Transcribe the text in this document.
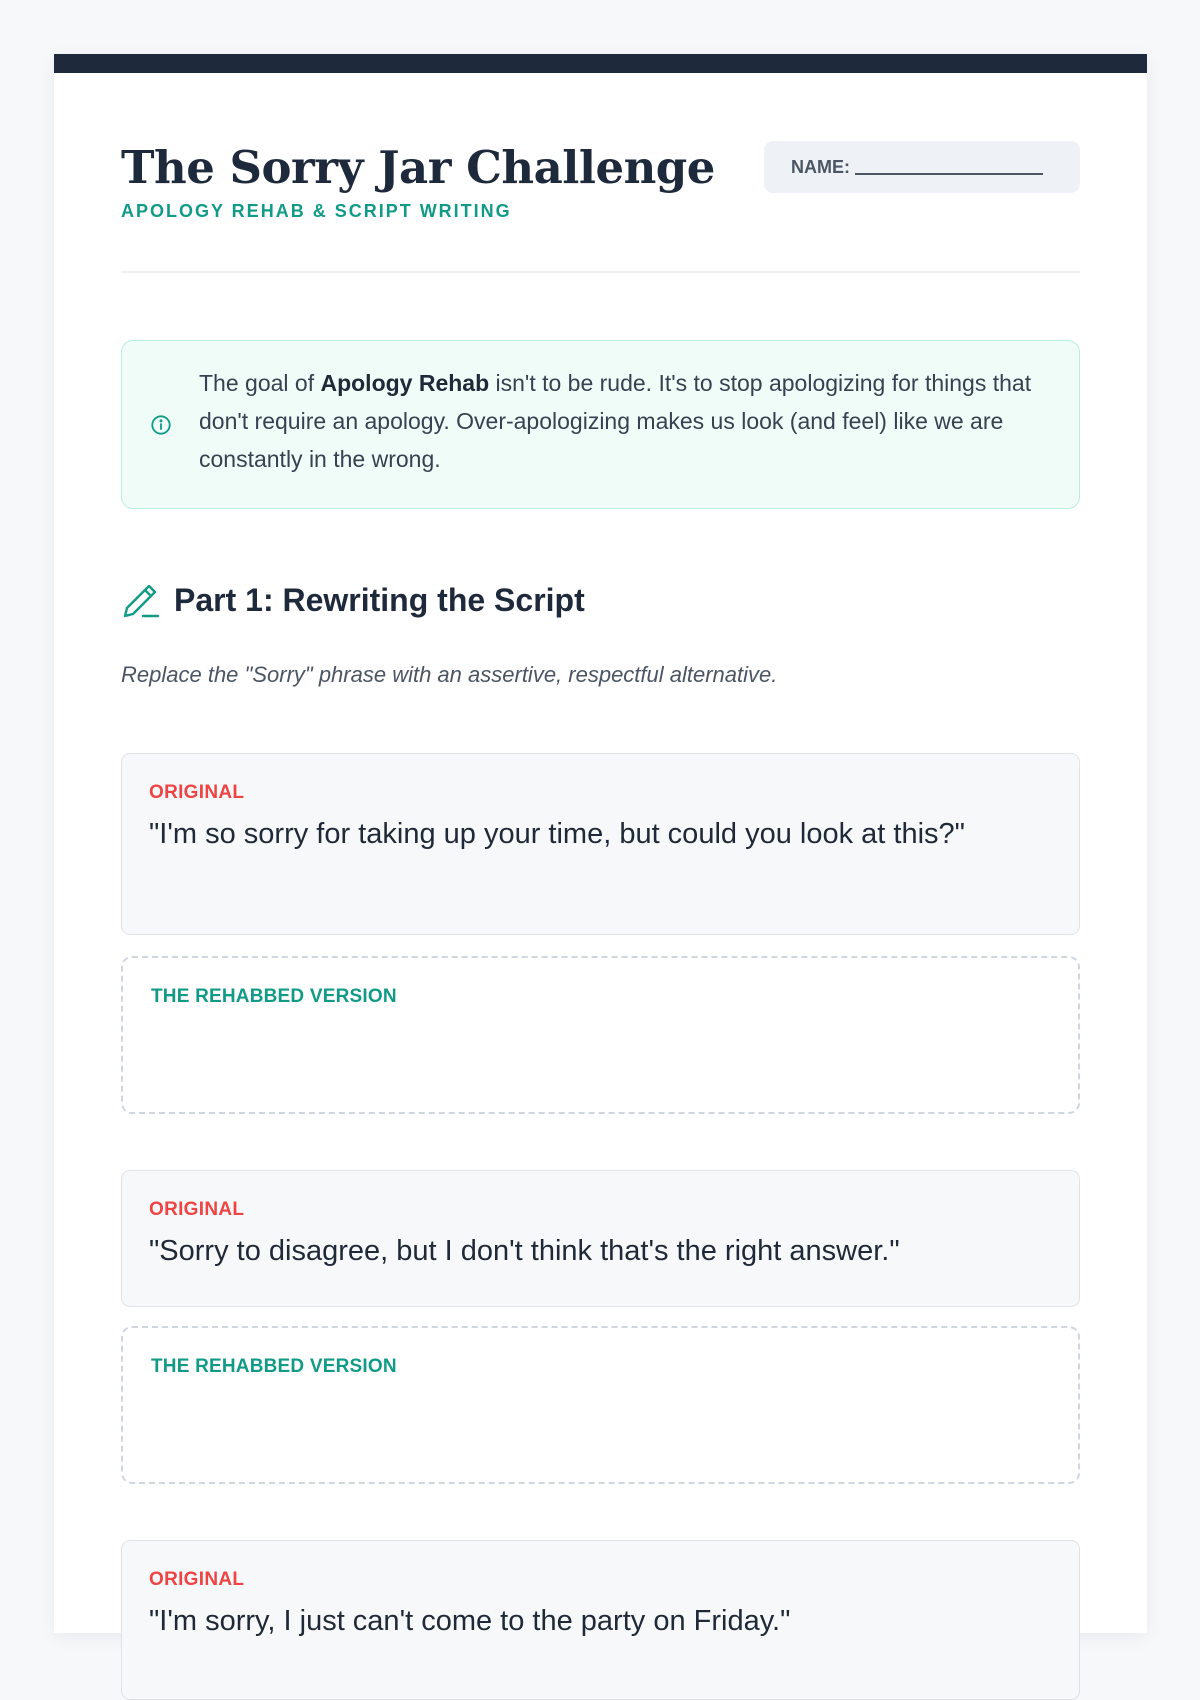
The Sorry Jar Challenge
APOLOGY REHAB & SCRIPT WRITING
NAME:
The goal of Apology Rehab isn't to be rude. It's to stop apologizing for things that don't require an apology. Over-apologizing makes us look (and feel) like we are constantly in the wrong.
Part 1: Rewriting the Script
Replace the "Sorry" phrase with an assertive, respectful alternative.
ORIGINAL
"I'm so sorry for taking up your time, but could you look at this?"
THE REHABBED VERSION
ORIGINAL
"Sorry to disagree, but I don't think that's the right answer."
THE REHABBED VERSION
ORIGINAL
"I'm sorry, I just can't come to the party on Friday."
